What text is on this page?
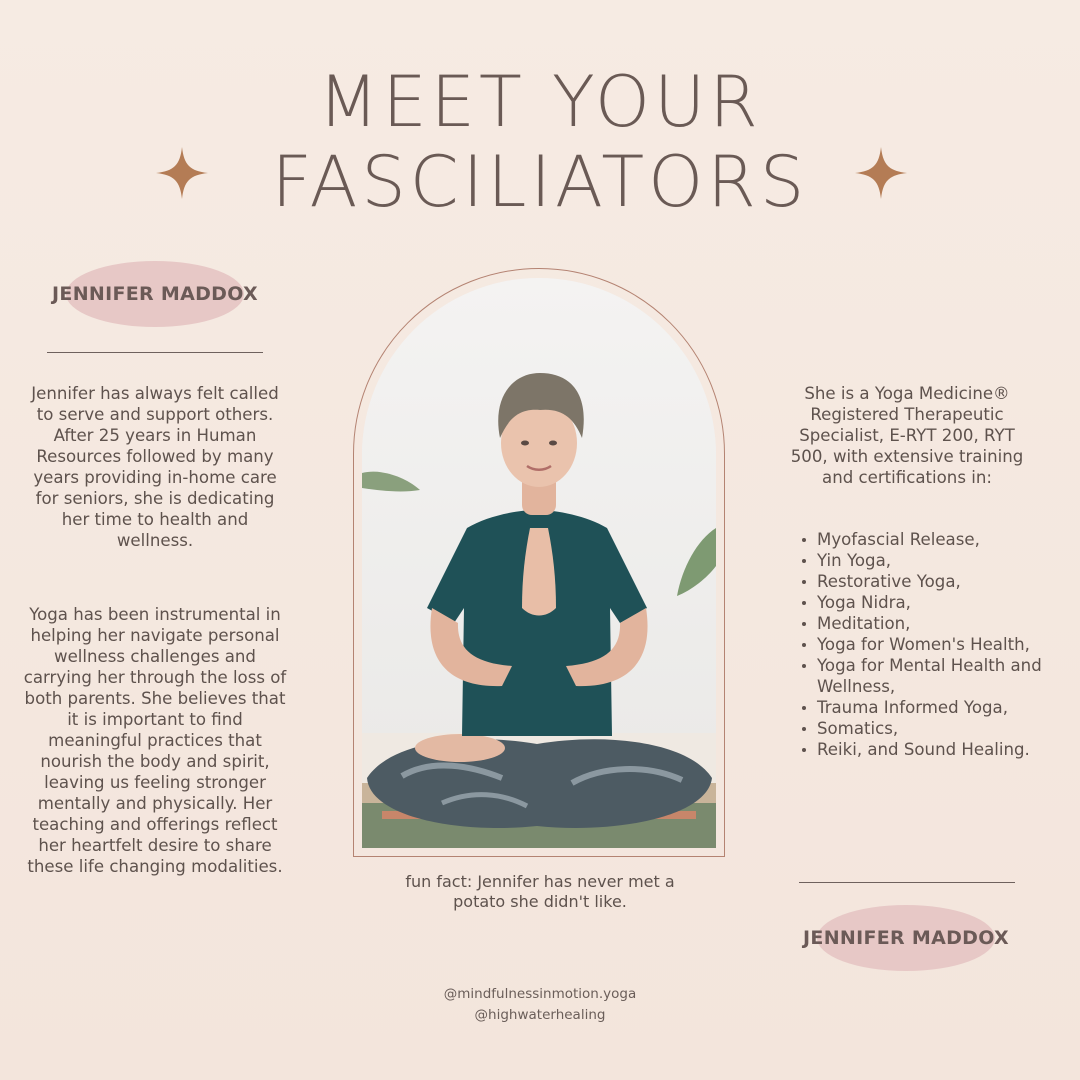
MEET YOUR
FASCILIATORS
JENNIFER MADDOX

Jennifer has always felt called to serve and support others. After 25 years in Human Resources followed by many years providing in-home care for seniors, she is dedicating her time to health and wellness.

Yoga has been instrumental in helping her navigate personal wellness challenges and carrying her through the loss of both parents. She believes that it is important to find meaningful practices that nourish the body and spirit, leaving us feeling stronger mentally and physically. Her teaching and offerings reflect her heartfelt desire to share these life changing modalities.

fun fact: Jennifer has never met a potato she didn't like.

@mindfulnessinmotion.yoga

@highwaterhealing

She is a Yoga Medicine® Registered Therapeutic Specialist, E-RYT 200, RYT 500, with extensive training and certifications in:

Myofascial Release,
Yin Yoga,
Restorative Yoga,
Yoga Nidra,
Meditation,
Yoga for Women's Health,
Yoga for Mental Health and Wellness,
Trauma Informed Yoga,
Somatics,
Reiki, and Sound Healing.
JENNIFER MADDOX
